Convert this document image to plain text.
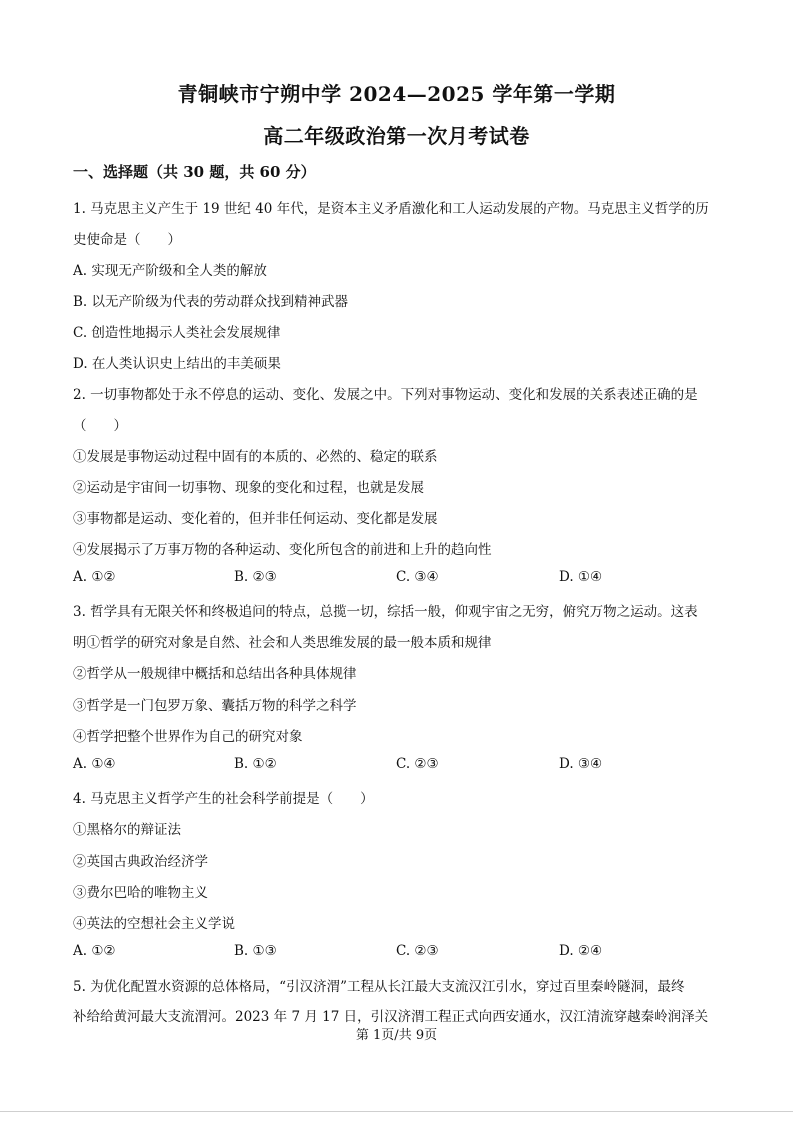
青铜峡市宁朔中学 2024—2025 学年第一学期
高二年级政治第一次月考试卷
一、选择题（共 30 题，共 60 分）
1. 马克思主义产生于 19 世纪 40 年代，是资本主义矛盾激化和工人运动发展的产物。马克思主义哲学的历
史使命是（　　）
A. 实现无产阶级和全人类的解放
B. 以无产阶级为代表的劳动群众找到精神武器
C. 创造性地揭示人类社会发展规律
D. 在人类认识史上结出的丰美硕果
2. 一切事物都处于永不停息的运动、变化、发展之中。下列对事物运动、变化和发展的关系表述正确的是
（　　）
①发展是事物运动过程中固有的本质的、必然的、稳定的联系
②运动是宇宙间一切事物、现象的变化和过程，也就是发展
③事物都是运动、变化着的，但并非任何运动、变化都是发展
④发展揭示了万事万物的各种运动、变化所包含的前进和上升的趋向性
A. ①②	B. ②③	C. ③④	D. ①④
3. 哲学具有无限关怀和终极追问的特点，总揽一切，综括一般，仰观宇宙之无穷，俯究万物之运动。这表
明①哲学的研究对象是自然、社会和人类思维发展的最一般本质和规律
②哲学从一般规律中概括和总结出各种具体规律
③哲学是一门包罗万象、囊括万物的科学之科学
④哲学把整个世界作为自己的研究对象
A. ①④	B. ①②	C. ②③	D. ③④
4. 马克思主义哲学产生的社会科学前提是（　　）
①黑格尔的辩证法
②英国古典政治经济学
③费尔巴哈的唯物主义
④英法的空想社会主义学说
A. ①②	B. ①③	C. ②③	D. ②④
5. 为优化配置水资源的总体格局，“引汉济渭”工程从长江最大支流汉江引水，穿过百里秦岭隧洞，最终
补给给黄河最大支流渭河。2023 年 7 月 17 日，引汉济渭工程正式向西安通水，汉江清流穿越秦岭润泽关
第 1页/共 9页
